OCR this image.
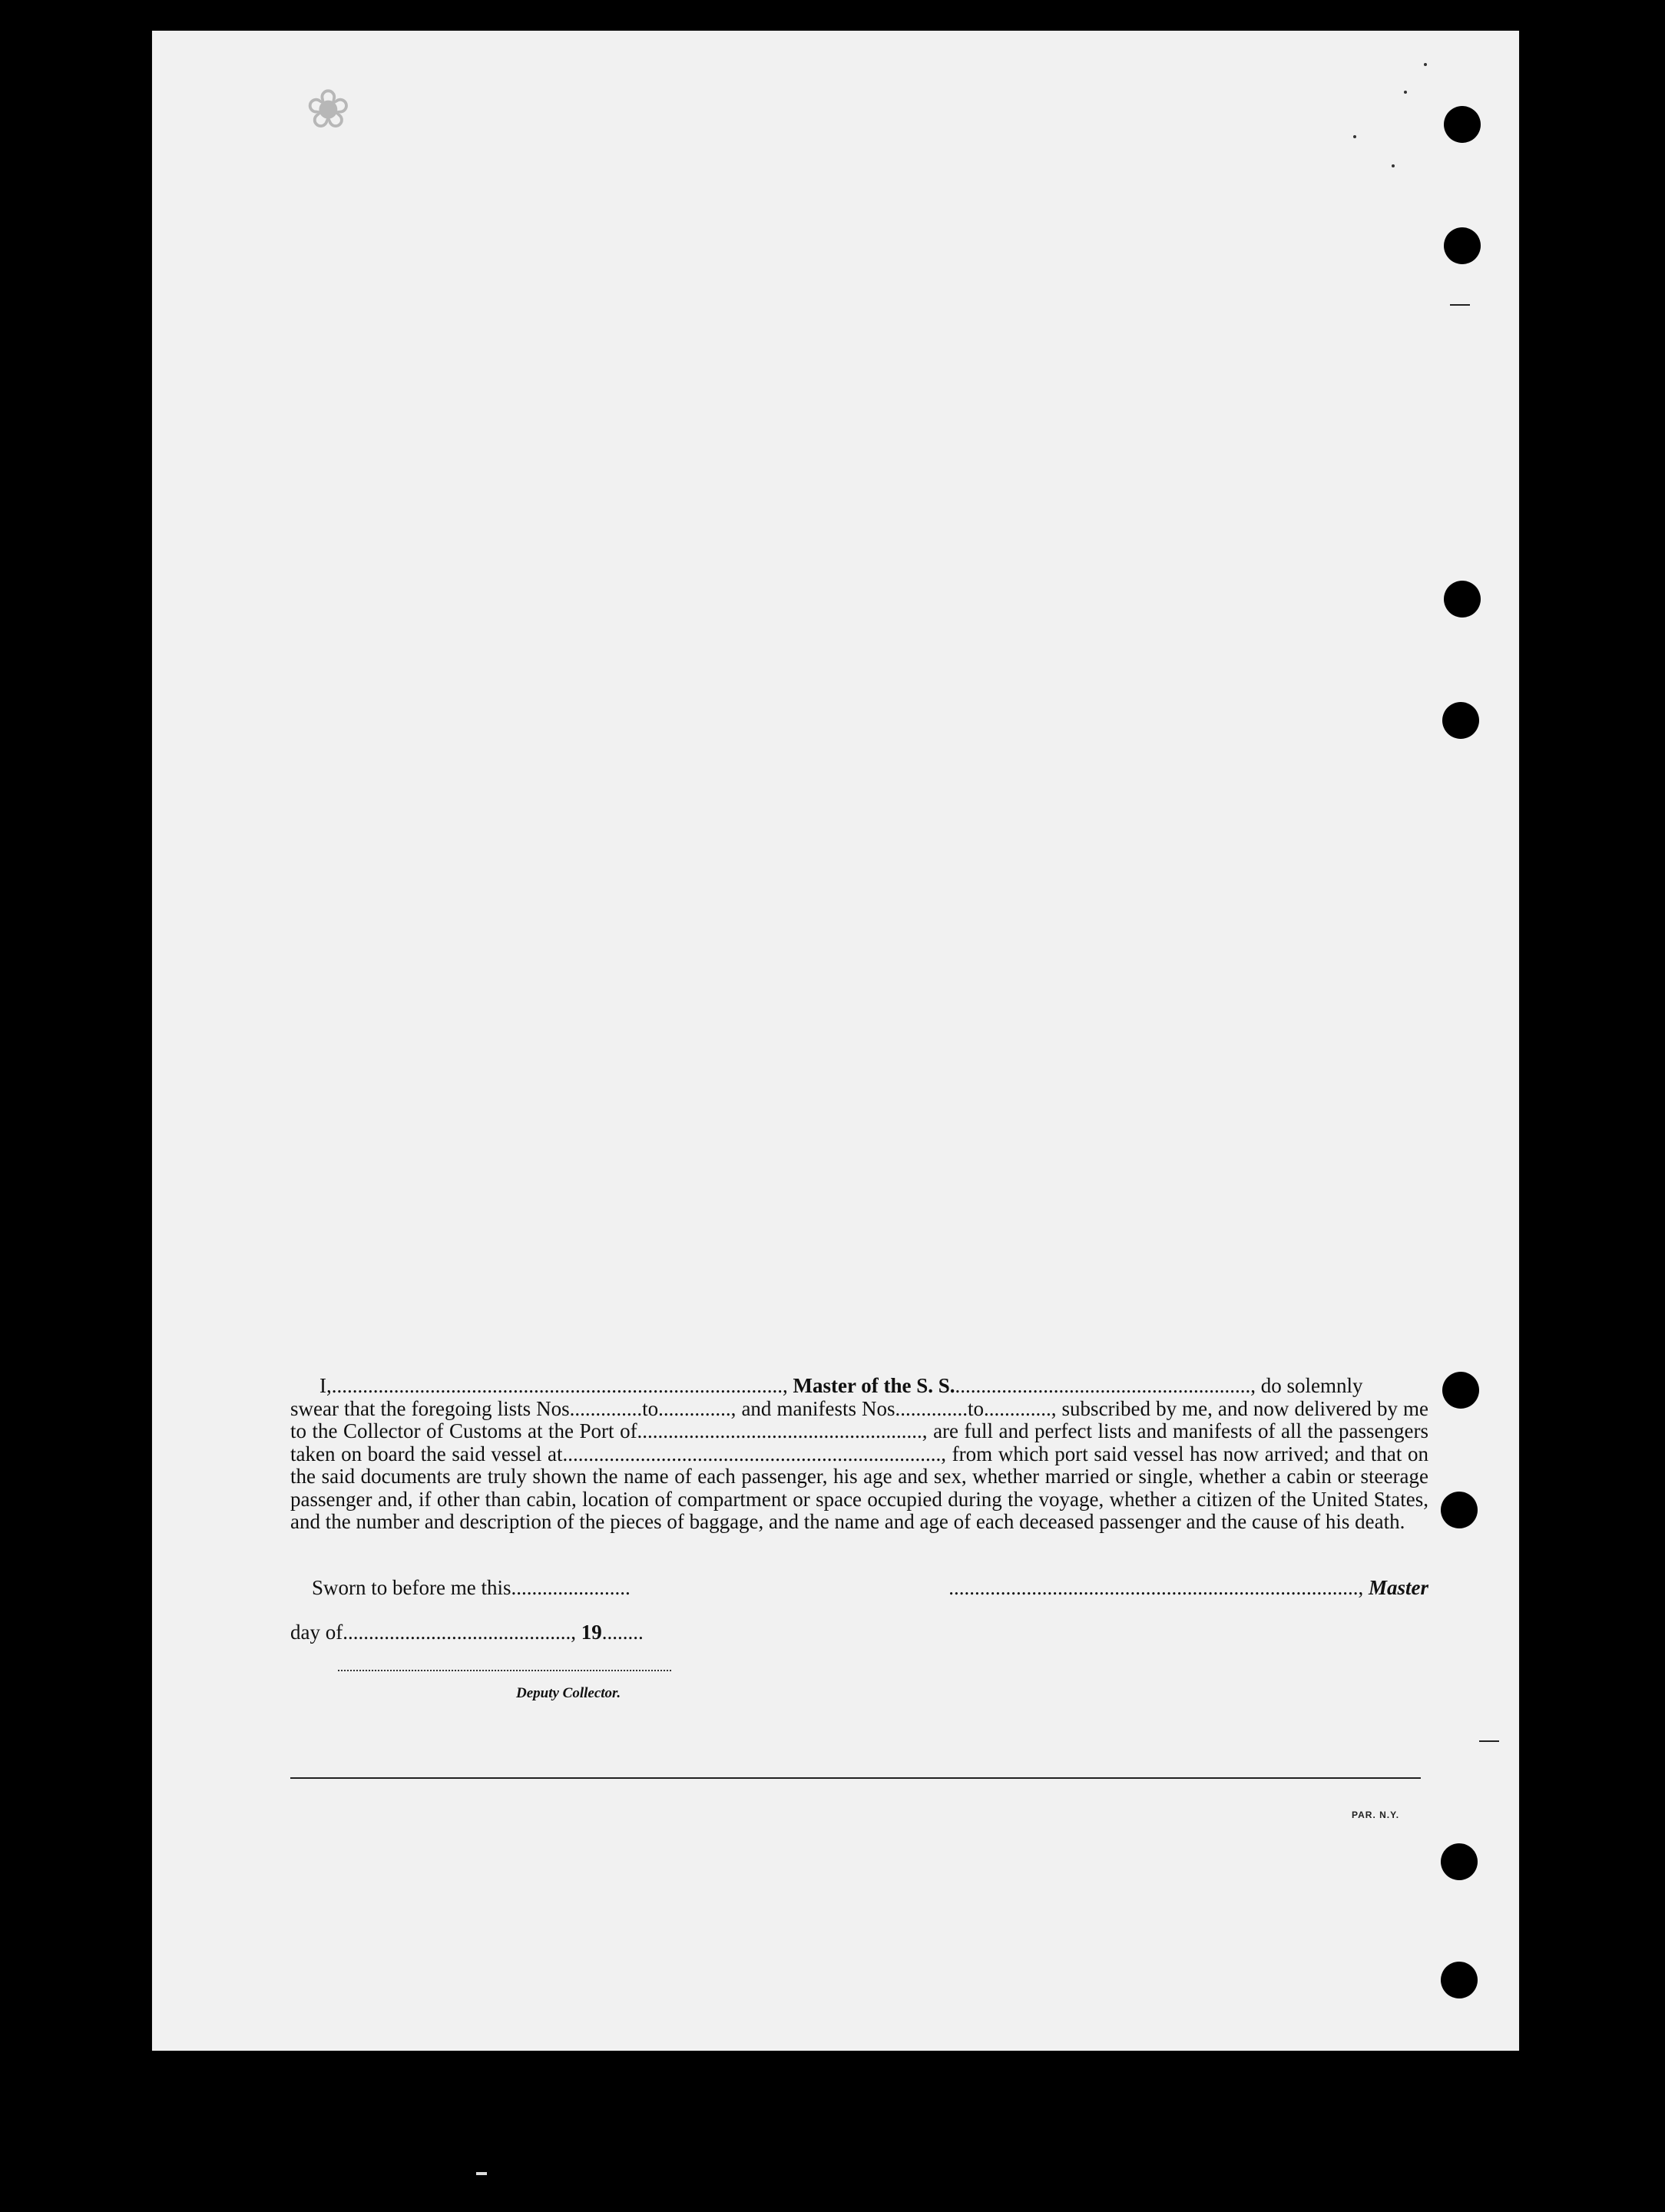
❀
I,......................................................................................., Master of the S. S.........................................................., do solemnly
swear that the foregoing lists Nos..............to.............., and manifests Nos..............to............., subscribed by me, and now delivered by me to the Collector of Customs at the Port of......................................................., are full and perfect lists and manifests of all the passengers taken on board the said vessel at........................................................................., from which port said vessel has now arrived; and that on the said documents are truly shown the name of each passenger, his age and sex, whether married or single, whether a cabin or steerage passenger and, if other than cabin, location of compartment or space occupied during the voyage, whether a citizen of the United States, and the number and description of the pieces of baggage, and the name and age of each deceased passenger and the cause of his death.
Sworn to before me this.......................	..............................................................................., Master
day of............................................, 19........
Deputy Collector.
PAR. N.Y.
